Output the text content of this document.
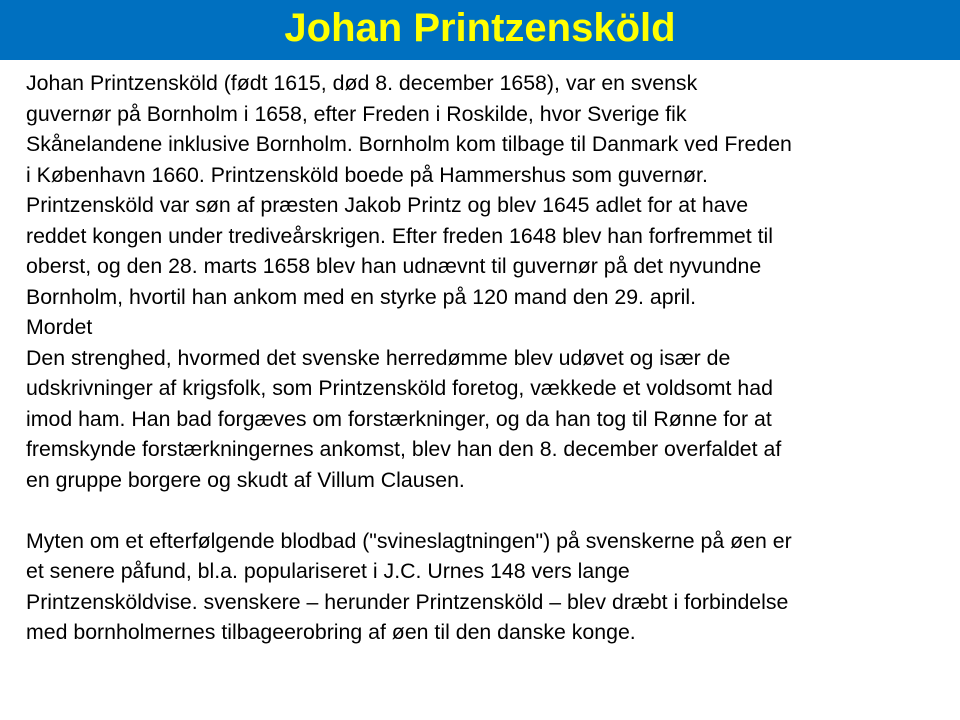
Johan Printzensköld
Johan Printzensköld (født 1615, død 8. december 1658), var en svensk
guvernør på Bornholm i 1658, efter Freden i Roskilde, hvor Sverige fik
Skånelandene inklusive Bornholm. Bornholm kom tilbage til Danmark ved Freden
i København 1660. Printzensköld boede på Hammershus som guvernør.
Printzensköld var søn af præsten Jakob Printz og blev 1645 adlet for at have
reddet kongen under trediveårskrigen. Efter freden 1648 blev han forfremmet til
oberst, og den 28. marts 1658 blev han udnævnt til guvernør på det nyvundne
Bornholm, hvortil han ankom med en styrke på 120 mand den 29. april.
Mordet
Den strenghed, hvormed det svenske herredømme blev udøvet og især de
udskrivninger af krigsfolk, som Printzensköld foretog, vækkede et voldsomt had
imod ham. Han bad forgæves om forstærkninger, og da han tog til Rønne for at
fremskynde forstærkningernes ankomst, blev han den 8. december overfaldet af
en gruppe borgere og skudt af Villum Clausen.
Myten om et efterfølgende blodbad ("svineslagtningen") på svenskerne på øen er
et senere påfund, bl.a. populariseret i J.C. Urnes 148 vers lange
Printzensköldvise. svenskere – herunder Printzensköld – blev dræbt i forbindelse
med bornholmernes tilbageerobring af øen til den danske konge.
